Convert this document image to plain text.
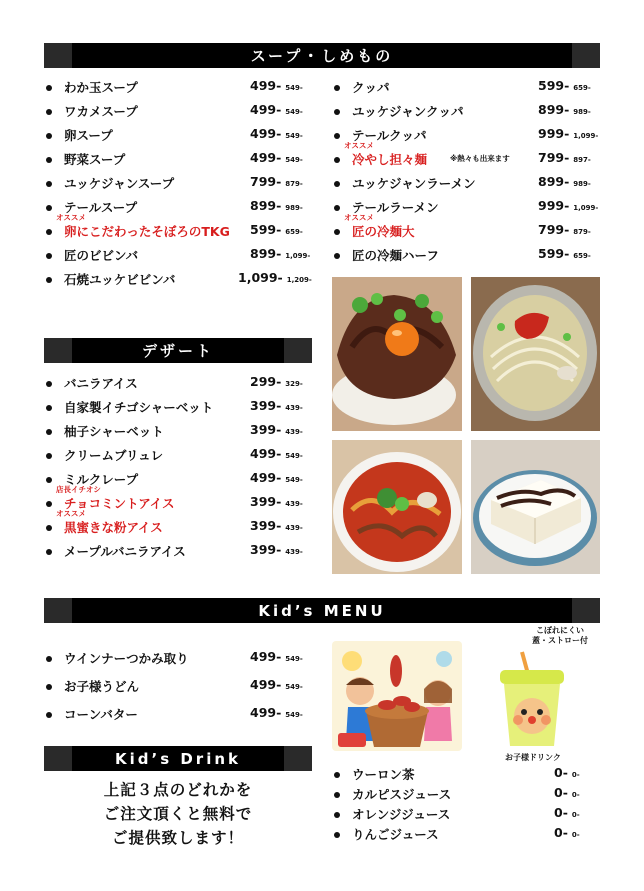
スープ・しめもの
デザート
Kid’s MENU
Kid’s Drink
わか玉スープ	499- 549-
ワカメスープ	499- 549-
卵スープ	499- 549-
野菜スープ	499- 549-
ユッケジャンスープ	799- 879-
テールスープ	899- 989-
オススメ
卵にこだわったそぼろのTKG 599- 659-
匠のビビンバ	899- 1,099-
石焼ユッケビビンバ	1,099- 1,209-
クッパ	599- 659-
ユッケジャンクッパ	899- 989-
テールクッパ	999- 1,099-
オススメ
冷やし担々麺	※熱々も出来ます 799- 897-
ユッケジャンラーメン	899- 989-
テールラーメン	999- 1,099-
オススメ
匠の冷麺大	799- 879-
匠の冷麺ハーフ	599- 659-
バニラアイス	299- 329-
自家製イチゴシャーベット	399- 439-
柚子シャーベット	399- 439-
クリームブリュレ	499- 549-
ミルクレープ	499- 549-
店長イチオシ
チョコミントアイス	399- 439-
オススメ
黒蜜きな粉アイス	399- 439-
メープルバニラアイス	399- 439-
ウインナーつかみ取り	499- 549-
お子様うどん	499- 549-
コーンバター	499- 549-
ウーロン茶	0- 0-
カルピスジュース	0- 0-
オレンジジュース	0- 0-
りんごジュース	0- 0-
こぼれにくい
蓋・ストロー付
お子様ドリンク
上記３点のどれかを
ご注文頂くと無料で
ご提供致します！
